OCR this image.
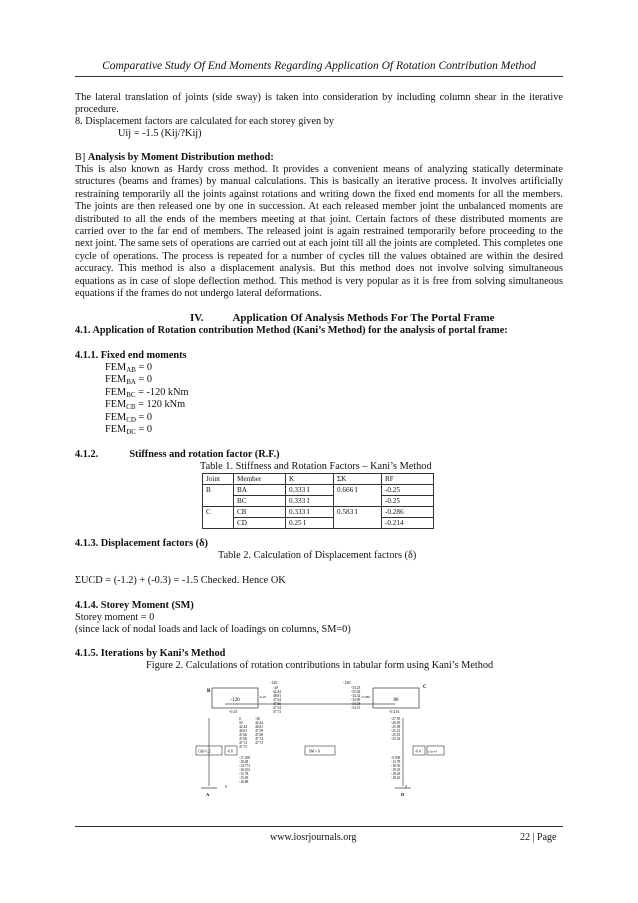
Comparative Study Of End Moments Regarding Application Of Rotation Contribution Method
The lateral translation of joints (side sway) is taken into consideration by including column shear in the iterative procedure.
8. Displacement factors are calculated for each storey given by
Uij = -1.5 (Kij/?Kij)
B] Analysis by Moment Distribution method:
This is also known as Hardy cross method. It provides a convenient means of analyzing statically determinate structures (beams and frames) by manual calculations. This is basically an iterative process. It involves artificially restraining temporarily all the joints against rotations and writing down the fixed end moments for all the members. The joints are then released one by one in succession. At each released member joint the unbalanced moments are distributed to all the ends of the members meeting at that joint. Certain factors of these distributed moments are carried over to the far end of members. The released joint is again restrained temporarily before proceeding to the next joint. The same sets of operations are carried out at each joint till all the joints are completed. This completes one cycle of operations. The process is repeated for a number of cycles till the values obtained are within the desired accuracy. This method is also a displacement analysis. But this method does not involve solving simultaneous equations as in case of slope deflection method. This method is very popular as it is free from solving simultaneous equations if the frames do not undergo lateral deformations.
IV.	Application Of Analysis Methods For The Portal Frame
4.1. Application of Rotation contribution Method (Kani’s Method) for the analysis of portal frame:
4.1.1. Fixed end moments
$FEM_{AB} = 0$
$FEM_{BA} = 0$
$FEM_{BC} = -120$ kNm
$FEM_{CB} = 120$ kNm
$FEM_{CD} = 0$
$FEM_{DC} = 0$
4.1.2.	Stiffness and rotation factor (R.F.)
Table 1. Stiffness and Rotation Factors – Kani’s Method
Joint	Member	K	ΣK	RF
B	BA	0.333 I	0.666 I	-0.25
	BC	0.333 I		-0.25
C	CB	0.333 I	0.583 I	-0.286
	CD	0.25 I		-0.214
4.1.3. Displacement factors (δ)
Table 2. Calculation of Displacement factors (δ)
ΣUCD = (-1.2) + (-0.3) = -1.5 Checked. Hence OK
4.1.4. Storey Moment (SM)
Storey moment = 0
(since lack of nodal loads and lack of loadings on columns, SM=0)
4.1.5. Iterations by Kani’s Method
Figure 2. Calculations of rotation contributions in tabular form using Kani’s Method
-120	80
B
C
-0.25	-0.214
-0.25	-0.286
-120	-120
-20
42.44
48.81
47.04
47.66
47.54
47.73
0
50
42.44
46.81
47.66
47.60
47.74
47.73
-30
42.44
46.81
47.59
47.60
47.74
47.73
-33.23
-35.02
-34.32
-34.09
-34.18
-34.13
-27.95
-26.05
-25.98
-25.21
-25.61
-25.54
Cdb=1.2	-0.8	SM = 0	-0.4 Cdc=3
-17.458
-19.48
-14.771
-16.102
-15.78
-15.83
-16.88
-0.938
-13.78
-18.30
-18.18
-18.43
-18.43
0	0
A	D
www.iosrjournals.org	22 | Page
